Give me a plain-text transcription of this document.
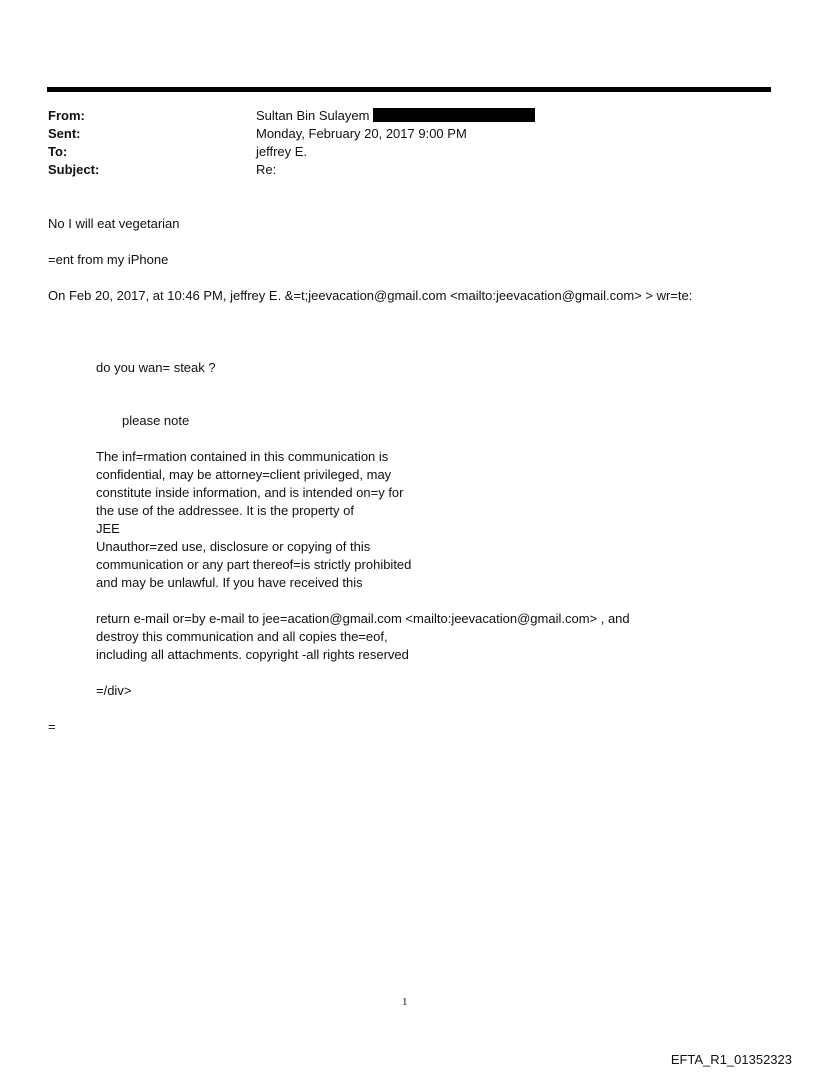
From:	Sultan Bin Sulayem
Sent:	Monday, February 20, 2017 9:00 PM
To:	jeffrey E.
Subject:	Re:
No I will eat vegetarian
=ent from my iPhone
On Feb 20, 2017, at 10:46 PM, jeffrey E. &=t;jeevacation@gmail.com <mailto:jeevacation@gmail.com> > wr=te:
do you wan= steak ?
please note
The inf=rmation contained in this communication is
confidential, may be attorney=client privileged, may
constitute inside information, and is intended on=y for
the use of the addressee. It is the property of
JEE
Unauthor=zed use, disclosure or copying of this
communication or any part thereof=is strictly prohibited
and may be unlawful. If you have received this
return e-mail or=by e-mail to jee=acation@gmail.com <mailto:jeevacation@gmail.com> , and
destroy this communication and all copies the=eof,
including all attachments. copyright -all rights reserved
=/div>
=
1
EFTA_R1_01352323
